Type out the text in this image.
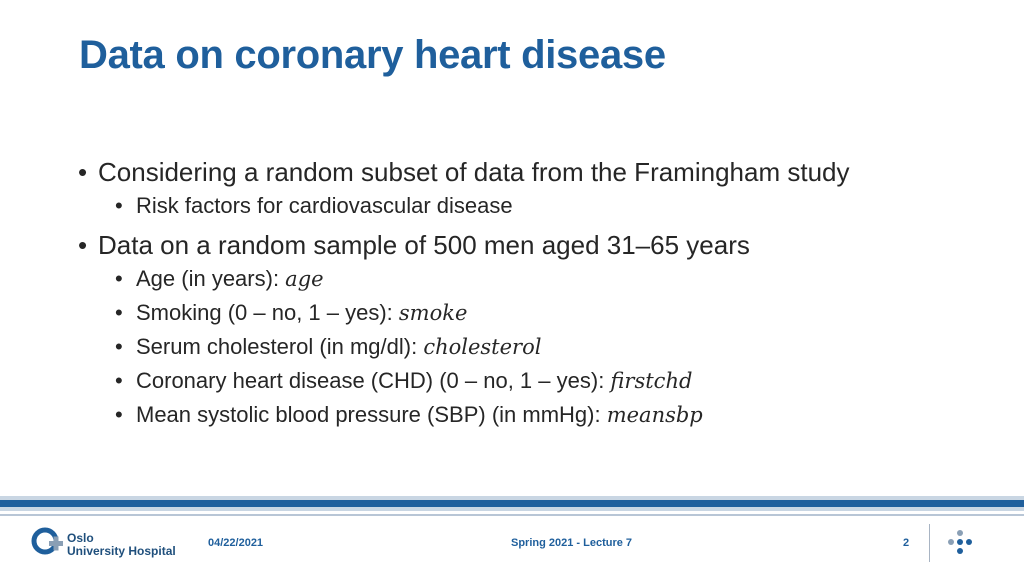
Data on coronary heart disease
• Considering a random subset of data from the Framingham study
• Risk factors for cardiovascular disease
• Data on a random sample of 500 men aged 31–65 years
• Age (in years): age
• Smoking (0 – no, 1 – yes): smoke
• Serum cholesterol (in mg/dl): cholesterol
• Coronary heart disease (CHD) (0 – no, 1 – yes): firstchd
• Mean systolic blood pressure (SBP) (in mmHg): meansbp
Oslo
University Hospital
04/22/2021	Spring 2021 - Lecture 7	2
